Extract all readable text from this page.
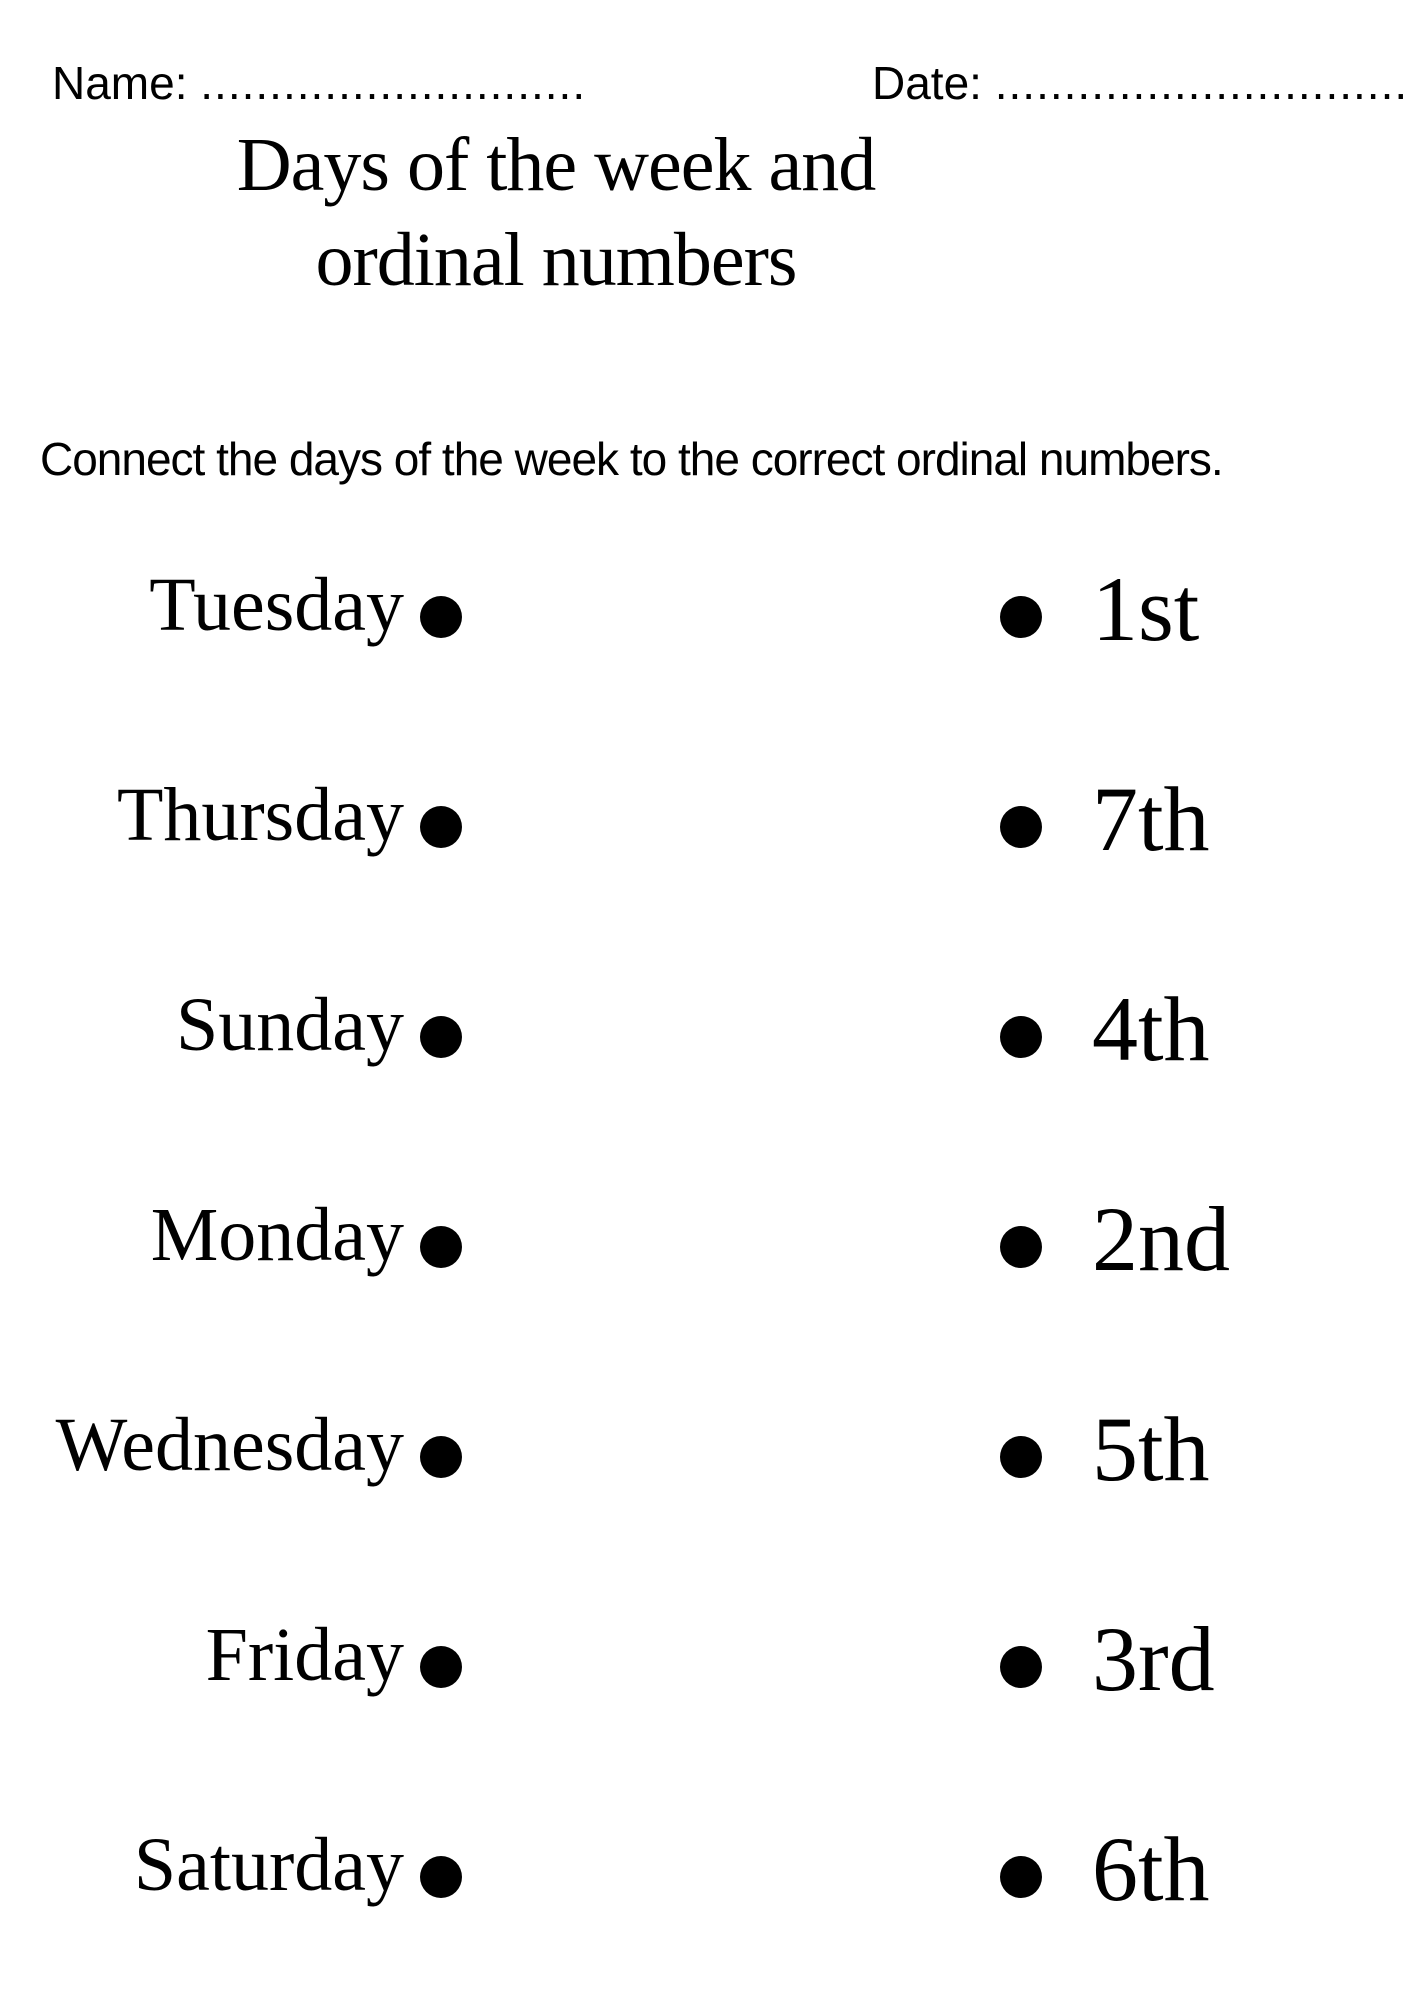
Name: ............................	Date: ..............................
Days of the week and
ordinal numbers
Connect the days of the week to the correct ordinal numbers.
Tuesday	1st
Thursday	7th
Sunday	4th
Monday	2nd
Wednesday	5th
Friday	3rd
Saturday	6th
